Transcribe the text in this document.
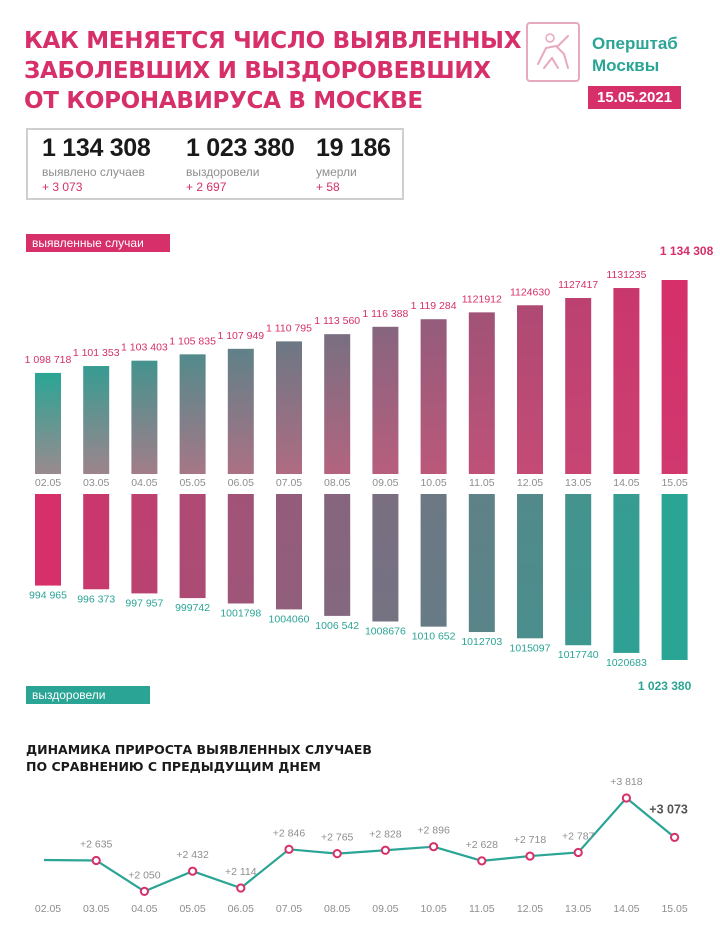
КАК МЕНЯЕТСЯ ЧИСЛО ВЫЯВЛЕННЫХ
ЗАБОЛЕВШИХ И ВЫЗДОРОВЕВШИХ
ОТ КОРОНАВИРУСА В МОСКВЕ
Оперштаб
Москвы
15.05.2021
1 134 308
выявлено случаев
+ 3 073
1 023 380
выздоровели
+ 2 697
19 186
умерли
+ 58
выявленные случаи
выздоровели
ДИНАМИКА ПРИРОСТА ВЫЯВЛЕННЫХ СЛУЧАЕВ
ПО СРАВНЕНИЮ С ПРЕДЫДУЩИМ ДНЕМ
1 098 718
02.05
1 101 353
03.05
1 103 403
04.05
1 105 835
05.05
1 107 949
06.05
1 110 795
07.05
1 113 560
08.05
1 116 388
09.05
1 119 284
10.05
1121912
11.05
1124630
12.05
1127417
13.05
1131235
14.05
1 134 308
15.05
994 965 996 373 997 957 999742 1001798 1004060
1006 542 1008676 1010 652 1012703
1015097
1017740
1020683
1 023 380
+2 635
+2 050
+2 432
+2 114
+2 846 +2 765 +2 828 +2 896
+2 628 +2 718 +2 787
+3 818
+3 073
02.05 03.05 04.05 05.05 06.05 07.05 08.05 09.05 10.05 11.05 12.05 13.05 14.05 15.05
